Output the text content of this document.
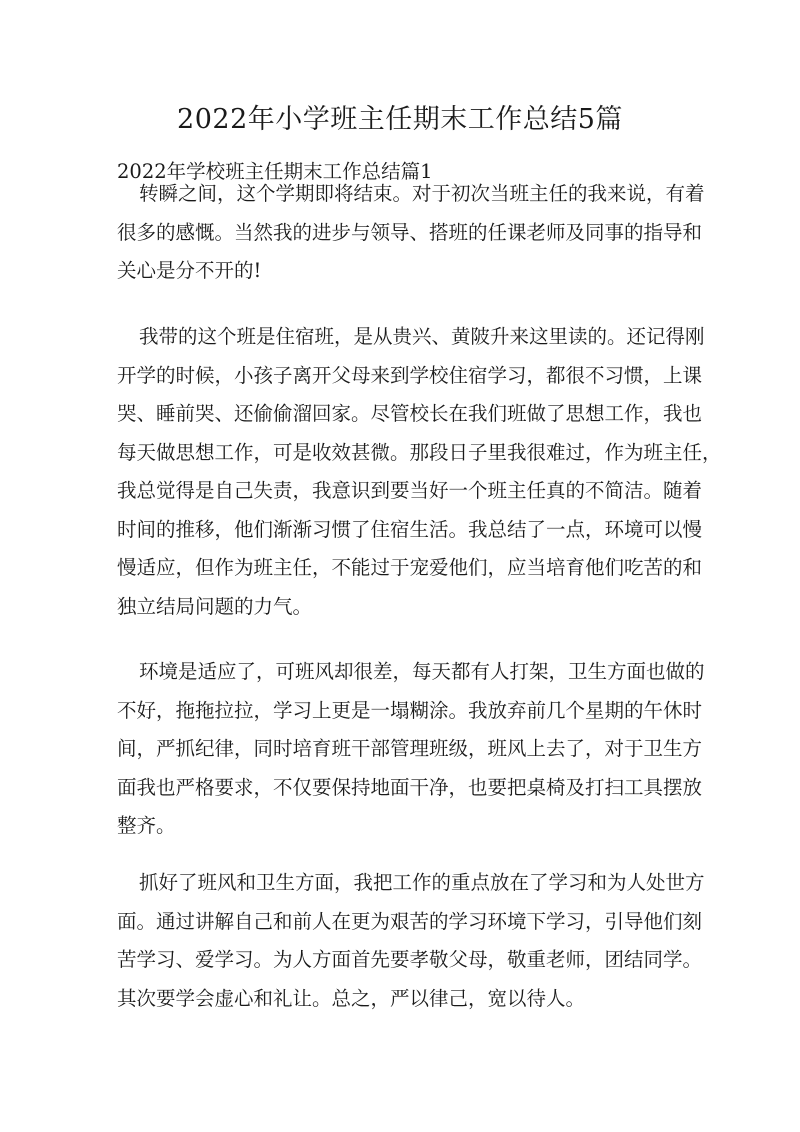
2022年小学班主任期末工作总结5篇
2022年学校班主任期末工作总结篇1
转瞬之间，这个学期即将结束。对于初次当班主任的我来说，有着
很多的感慨。当然我的进步与领导、搭班的任课老师及同事的指导和
关心是分不开的!
我带的这个班是住宿班，是从贵兴、黄陂升来这里读的。还记得刚
开学的时候，小孩子离开父母来到学校住宿学习，都很不习惯，上课
哭、睡前哭、还偷偷溜回家。尽管校长在我们班做了思想工作，我也
每天做思想工作，可是收效甚微。那段日子里我很难过，作为班主任，
我总觉得是自己失责，我意识到要当好一个班主任真的不简洁。随着
时间的推移，他们渐渐习惯了住宿生活。我总结了一点，环境可以慢
慢适应，但作为班主任，不能过于宠爱他们，应当培育他们吃苦的和
独立结局问题的力气。
环境是适应了，可班风却很差，每天都有人打架，卫生方面也做的
不好，拖拖拉拉，学习上更是一塌糊涂。我放弃前几个星期的午休时
间，严抓纪律，同时培育班干部管理班级，班风上去了，对于卫生方
面我也严格要求，不仅要保持地面干净，也要把桌椅及打扫工具摆放
整齐。
抓好了班风和卫生方面，我把工作的重点放在了学习和为人处世方
面。通过讲解自己和前人在更为艰苦的学习环境下学习，引导他们刻
苦学习、爱学习。为人方面首先要孝敬父母，敬重老师，团结同学。
其次要学会虚心和礼让。总之，严以律己，宽以待人。
